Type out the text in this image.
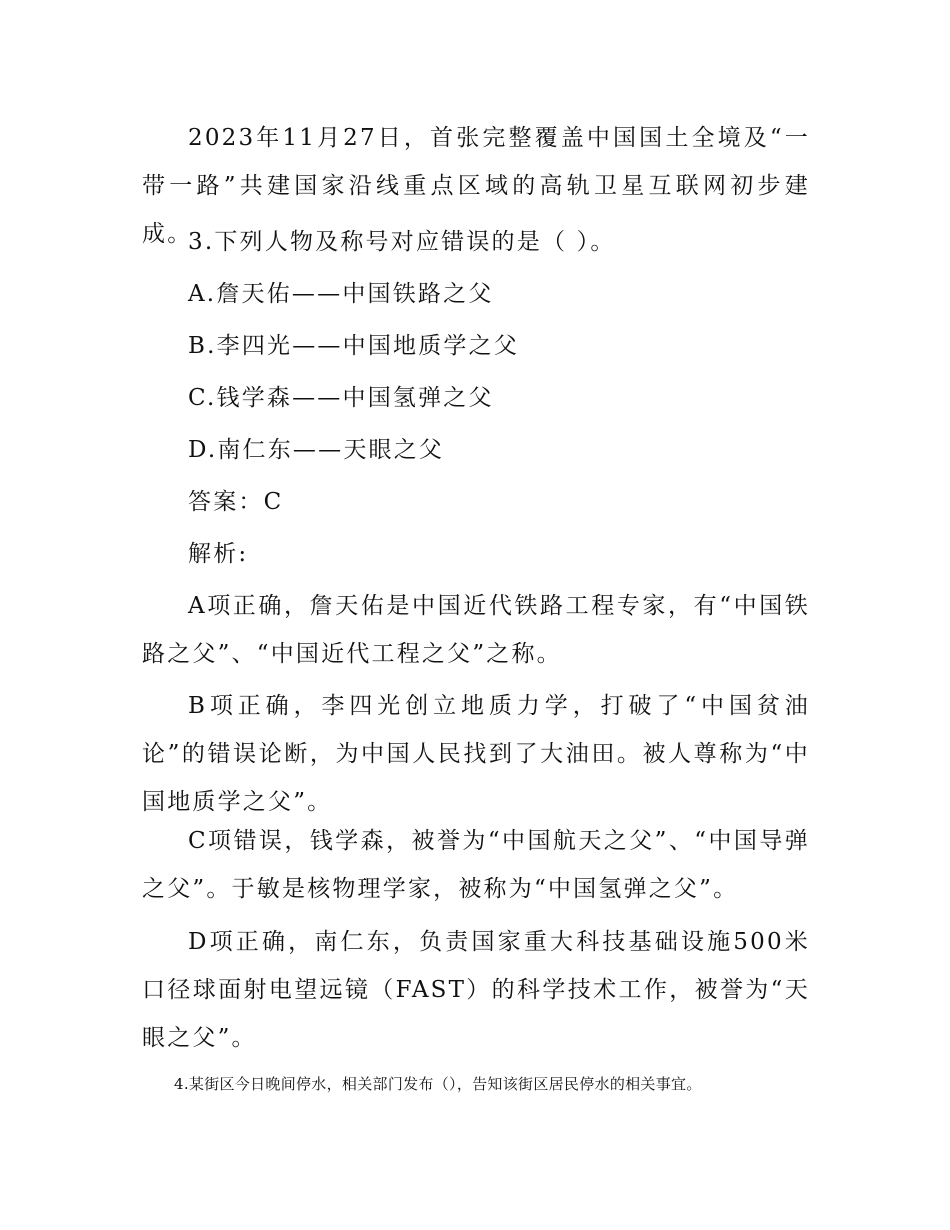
2023年11月27日，首张完整覆盖中国国土全境及“一带一路”共建国家沿线重点区域的高轨卫星互联网初步建成。

3.下列人物及称号对应错误的是（ ）。

A.詹天佑——中国铁路之父

B.李四光——中国地质学之父

C.钱学森——中国氢弹之父

D.南仁东——天眼之父

答案：C

解析:

A项正确，詹天佑是中国近代铁路工程专家，有“中国铁路之父”、“中国近代工程之父”之称。

B项正确，李四光创立地质力学，打破了“中国贫油论”的错误论断，为中国人民找到了大油田。被人尊称为“中国地质学之父”。

C项错误，钱学森，被誉为“中国航天之父”、“中国导弹之父”。于敏是核物理学家，被称为“中国氢弹之父”。

D项正确，南仁东，负责国家重大科技基础设施500米口径球面射电望远镜（FAST）的科学技术工作，被誉为“天眼之父”。

4.某街区今日晚间停水，相关部门发布（），告知该街区居民停水的相关事宜。
